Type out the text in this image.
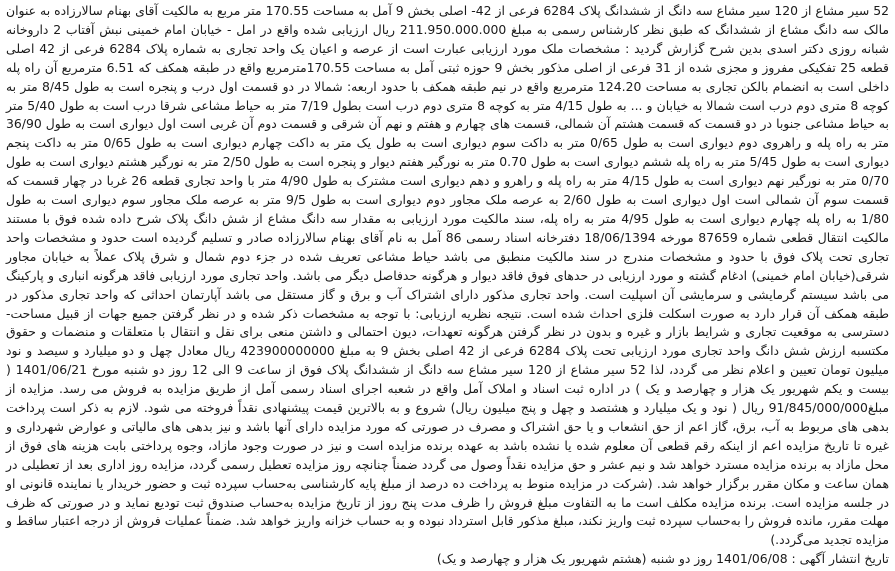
52 سیر مشاع از 120 سیر مشاع سه دانگ از ششدانگ پلاک 6284 فرعی از 42- اصلی بخش 9 آمل به مساحت 170.55 متر مربع به مالکیت آقای بهنام سالارزاده به عنوان مالک سه دانگ مشاع از ششدانگ که طبق نظر کارشناس رسمی به مبلغ 211.950.000.000 ریال ارزیابی شده واقع در امل - خیابان امام خمینی نبش آفتاب 2 داروخانه شبانه روزی دکتر اسدی بدین شرح گزارش گردید : مشخصات ملک مورد ارزیابی عبارت است از عرصه و اعیان یک واحد تجاری به شماره پلاک 6284 فرعی از 42 اصلی قطعه 25 تفکیکی مفروز و مجزی شده از 31 فرعی از اصلی مذکور بخش 9 حوزه ثبتی آمل به مساحت 170.55مترمربع واقع در طبقه همکف که 6.51 مترمربع آن راه پله داخلی است به انضمام بالکن تجاری به مساحت 124.20 مترمربع واقع در نیم طبقه همکف با حدود اربعه: شمالا در دو قسمت اول درب و پنجره است به طول 8/45 متر به کوچه 8 متری دوم درب است شمالا به خیابان و ... به طول 4/15 متر به کوچه 8 متری دوم درب است بطول 7/19 متر به حیاط مشاعی شرقا درب است به طول 5/40 متر به حیاط مشاعی جنوبا در دو قسمت که قسمت هشتم آن شمالی، قسمت های چهارم و هفتم و نهم آن شرقی و قسمت دوم آن غربی است اول دیواری است به طول 36/90 متر به راه پله و راهروی دوم دیواری است به طول 0/65 متر به داکت سوم دیواری است به طول یک متر به داکت چهارم دیواری است به طول 0/65 متر به داکت پنجم دیواری است به طول 5/45 متر به راه پله ششم دیواری است به طول 0.70 متر به نورگیر هفتم دیوار و پنجره است به طول 2/50 متر به نورگیر هشتم دیواری است به طول 0/70 متر به نورگیر نهم دیواری است به طول 4/15 متر به راه پله و راهرو و دهم دیواری است مشترک به طول 4/90 متر با واحد تجاری قطعه 26 غربا در چهار قسمت که قسمت سوم آن شمالی است اول دیواری است به طول 2/60 به عرصه ملک مجاور دوم دیواری است به طول 9/5 متر به عرصه ملک مجاور سوم دیواری است به طول 1/80 به راه پله چهارم دیواری است به طول 4/95 متر به راه پله، سند مالکیت مورد ارزیابی به مقدار سه دانگ مشاع از شش دانگ پلاک شرح داده شده فوق با مستند مالکیت انتقال قطعی شماره 87659 مورخه 18/06/1394 دفترخانه اسناد رسمی 86 آمل به نام آقای بهنام سالارزاده صادر و تسلیم گردیده است حدود و مشخصات واحد تجاری تحت پلاک فوق با حدود و مشخصات مندرج در سند مالکیت منطبق می باشد حیاط مشاعی تعریف شده در جزء دوم شمال و شرق پلاک عملاً به خیابان مجاور شرقی(خیابان امام خمینی) ادغام گشته و مورد ارزیابی در حدهای فوق فاقد دیوار و هرگونه حدفاصل دیگر می باشد. واحد تجاری مورد ارزیابی فاقد هرگونه انباری و پارکینگ می باشد سیستم گرمایشی و سرمایشی آن اسپلیت است. واحد تجاری مذکور دارای اشتراک آب و برق و گاز مستقل می باشد آپارتمان احداثی که واحد تجاری مذکور در طبقه همکف آن قرار دارد به صورت اسکلت فلزی احداث شده است. نتیجه نظریه ارزیابی: با توجه به مشخصات ذکر شده و در نظر گرفتن جمیع جهات از قبیل مساحت- دسترسی به موقعیت تجاری و شرایط بازار و غیره و بدون در نظر گرفتن هرگونه تعهدات، دیون احتمالی و داشتن منعی برای نقل و انتقال با متعلقات و منضمات و حقوق مکتسبه ارزش شش دانگ واحد تجاری مورد ارزیابی تحت پلاک 6284 فرعی از 42 اصلی بخش 9 به مبلغ 423900000000 ریال معادل چهل و دو میلیارد و سیصد و نود میلیون تومان تعیین و اعلام نظر می گردد، لذا 52 سیر مشاع از 120 سیر مشاع سه دانگ از ششدانگ پلاک فوق از ساعت 9 الی 12 روز دو شنبه مورخ 1401/06/21 ( بیست و یکم شهریور یک هزار و چهارصد و یک ) در اداره ثبت اسناد و املاک آمل واقع در شعبه اجرای اسناد رسمی آمل از طریق مزایده به فروش می رسد. مزایده از مبلغ91/845/000/000 ریال ( نود و یک میلیارد و هشتصد و چهل و پنج میلیون ریال) شروع و به بالاترین قیمت پیشنهادی نقداً فروخته می شود. لازم به ذکر است پرداخت بدهی های مربوط به آب، برق، گاز اعم از حق انشعاب و یا حق اشتراک و مصرف در صورتی که مورد مزایده دارای آنها باشد و نیز بدهی های مالیاتی و عوارض شهرداری و غیره تا تاریخ مزایده اعم از اینکه رقم قطعی آن معلوم شده یا نشده باشد به عهده برنده مزایده است و نیز در صورت وجود مازاد، وجوه پرداختی بابت هزینه های فوق از محل مازاد به برنده مزایده مسترد خواهد شد و نیم عشر و حق مزایده نقداً وصول می گردد ضمناً چنانچه روز مزایده تعطیل رسمی گردد، مزایده روز اداری بعد از تعطیلی در همان ساعت و مکان مقرر برگزار خواهد شد. (شرکت در مزایده منوط به پرداخت ده درصد از مبلغ پایه کارشناسی به‌حساب سپرده ثبت و حضور خریدار یا نماینده قانونی او در جلسه مزایده است. برنده مزایده مکلف است ما به التفاوت مبلغ فروش را ظرف مدت پنج روز از تاریخ مزایده به‌حساب صندوق ثبت تودیع نماید و در صورتی که ظرف مهلت مقرر، مانده فروش را به‌حساب سپرده ثبت واریز نکند، مبلغ مذکور قابل استرداد نبوده و به حساب خزانه واریز خواهد شد. ضمناً عملیات فروش از درجه اعتبار ساقط و مزایده تجدید می‌گردد.)

تاریخ انتشار آگهی : 1401/06/08 روز دو شنبه (هشتم شهریور یک هزار و چهارصد و یک)
